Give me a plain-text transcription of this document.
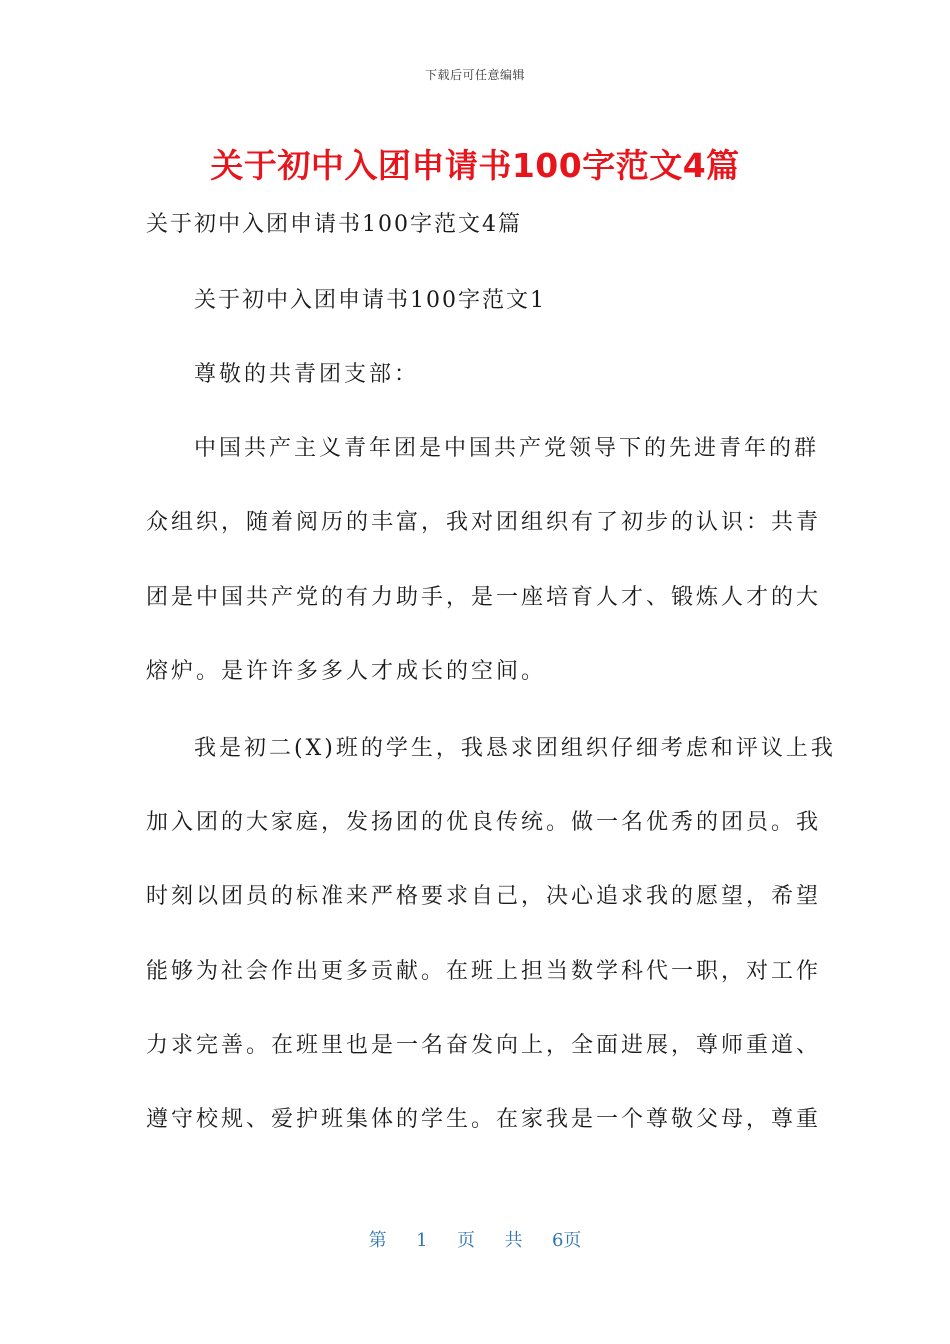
下载后可任意编辑
关于初中入团申请书100字范文4篇
关于初中入团申请书100字范文4篇
关于初中入团申请书100字范文1
尊敬的共青团支部：
中国共产主义青年团是中国共产党领导下的先进青年的群
众组织，随着阅历的丰富，我对团组织有了初步的认识：共青
团是中国共产党的有力助手，是一座培育人才、锻炼人才的大
熔炉。是许许多多人才成长的空间。
我是初二(X)班的学生，我恳求团组织仔细考虑和评议上我
加入团的大家庭，发扬团的优良传统。做一名优秀的团员。我
时刻以团员的标准来严格要求自己，决心追求我的愿望，希望
能够为社会作出更多贡献。在班上担当数学科代一职，对工作
力求完善。在班里也是一名奋发向上，全面进展，尊师重道、
遵守校规、爱护班集体的学生。在家我是一个尊敬父母，尊重
第 1 页 共 6页
